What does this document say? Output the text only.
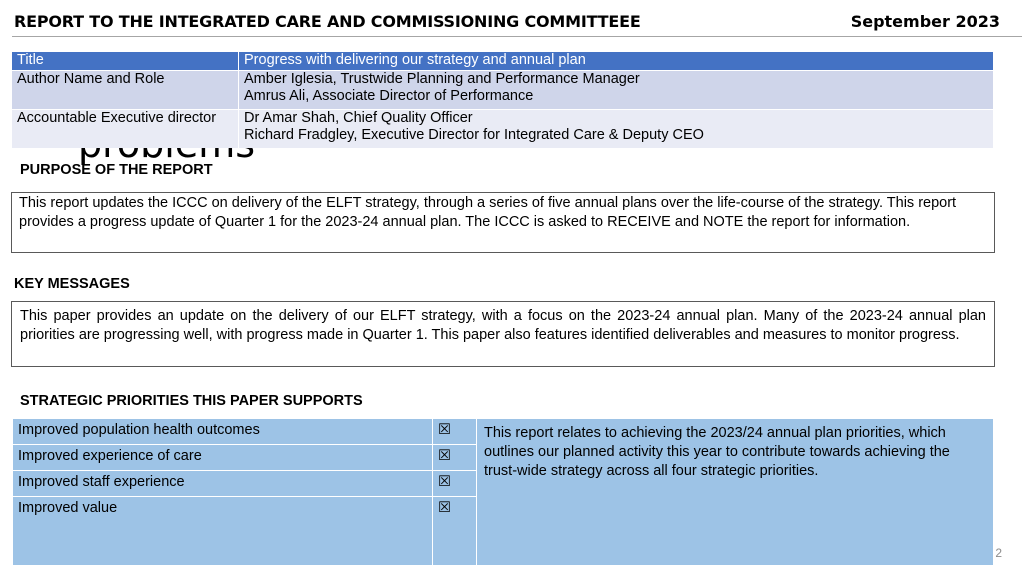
REPORT TO THE INTEGRATED CARE AND COMMISSIONING COMMITTEEE	September 2023
Title	Progress with delivering our strategy and annual plan
Author Name and Role	Amber Iglesia, Trustwide Planning and Performance Manager
Amrus Ali, Associate Director of Performance

Accountable Executive director	Dr Amar Shah, Chief Quality Officer
Richard Fradgley, Executive Director for Integrated Care & Deputy CEO
PURPOSE OF THE REPORT
This report updates the ICCC on delivery of the ELFT strategy, through a series of five annual plans over the life-course of the strategy. This report provides a progress update of Quarter 1 for the 2023-24 annual plan. The ICCC is asked to RECEIVE and NOTE the report for information.
KEY MESSAGES
This paper provides an update on the delivery of our ELFT strategy, with a focus on the 2023-24 annual plan. Many of the 2023-24 annual plan priorities are progressing well, with progress made in Quarter 1. This paper also features identified deliverables and measures to monitor progress.
STRATEGIC PRIORITIES THIS PAPER SUPPORTS
Improved population health outcomes	☒	This report relates to achieving the 2023/24 annual plan priorities, which outlines our planned activity this year to contribute towards achieving the trust-wide strategy across all four strategic priorities.
Improved experience of care	☒	
Improved staff experience	☒	
Improved value	☒	
2
